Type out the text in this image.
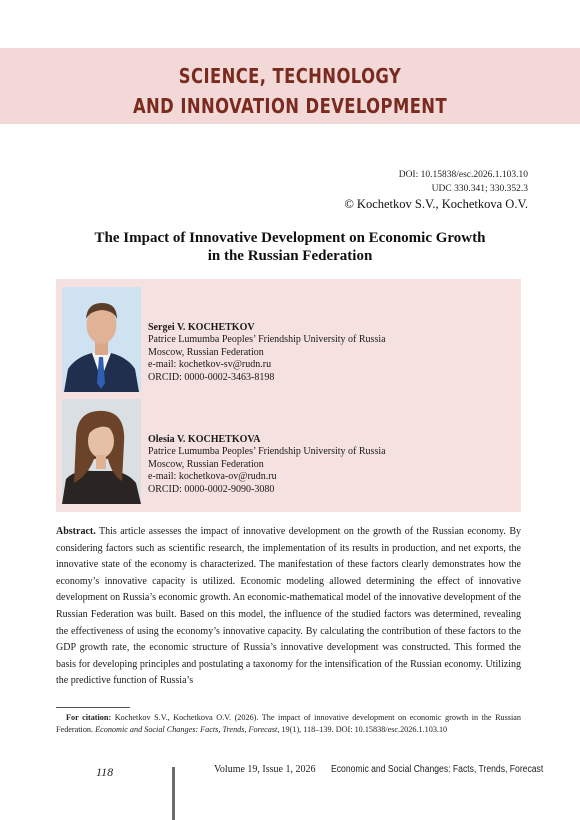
SCIENCE, TECHNOLOGY
AND INNOVATION DEVELOPMENT
DOI: 10.15838/esc.2026.1.103.10
UDC 330.341; 330.352.3
© Kochetkov S.V., Kochetkova O.V.
The Impact of Innovative Development on Economic Growth
in the Russian Federation
Sergei V. KOCHETKOV
Patrice Lumumba Peoples’ Friendship University of Russia
Moscow, Russian Federation
e-mail: kochetkov-sv@rudn.ru
ORCID: 0000-0002-3463-8198
Olesia V. KOCHETKOVA
Patrice Lumumba Peoples’ Friendship University of Russia
Moscow, Russian Federation
e-mail: kochetkova-ov@rudn.ru
ORCID: 0000-0002-9090-3080
Abstract. This article assesses the impact of innovative development on the growth of the Russian economy. By considering factors such as scientific research, the implementation of its results in production, and net exports, the innovative state of the economy is characterized. The manifestation of these factors clearly demonstrates how the economy’s innovative capacity is utilized. Economic modeling allowed determining the effect of innovative development on Russia’s economic growth. An economic-mathematical model of the innovative development of the Russian Federation was built. Based on this model, the influence of the studied factors was determined, revealing the effectiveness of using the economy’s innovative capacity. By calculating the contribution of these factors to the GDP growth rate, the economic structure of Russia’s innovative development was constructed. This formed the basis for developing principles and postulating a taxonomy for the intensification of the Russian economy. Utilizing the predictive function of Russia’s
For citation: Kochetkov S.V., Kochetkova O.V. (2026). The impact of innovative development on economic growth in the Russian Federation. Economic and Social Changes: Facts, Trends, Forecast, 19(1), 118–139. DOI: 10.15838/esc.2026.1.103.10
118	Volume 19, Issue 1, 2026 Economic and Social Changes: Facts, Trends, Forecast
